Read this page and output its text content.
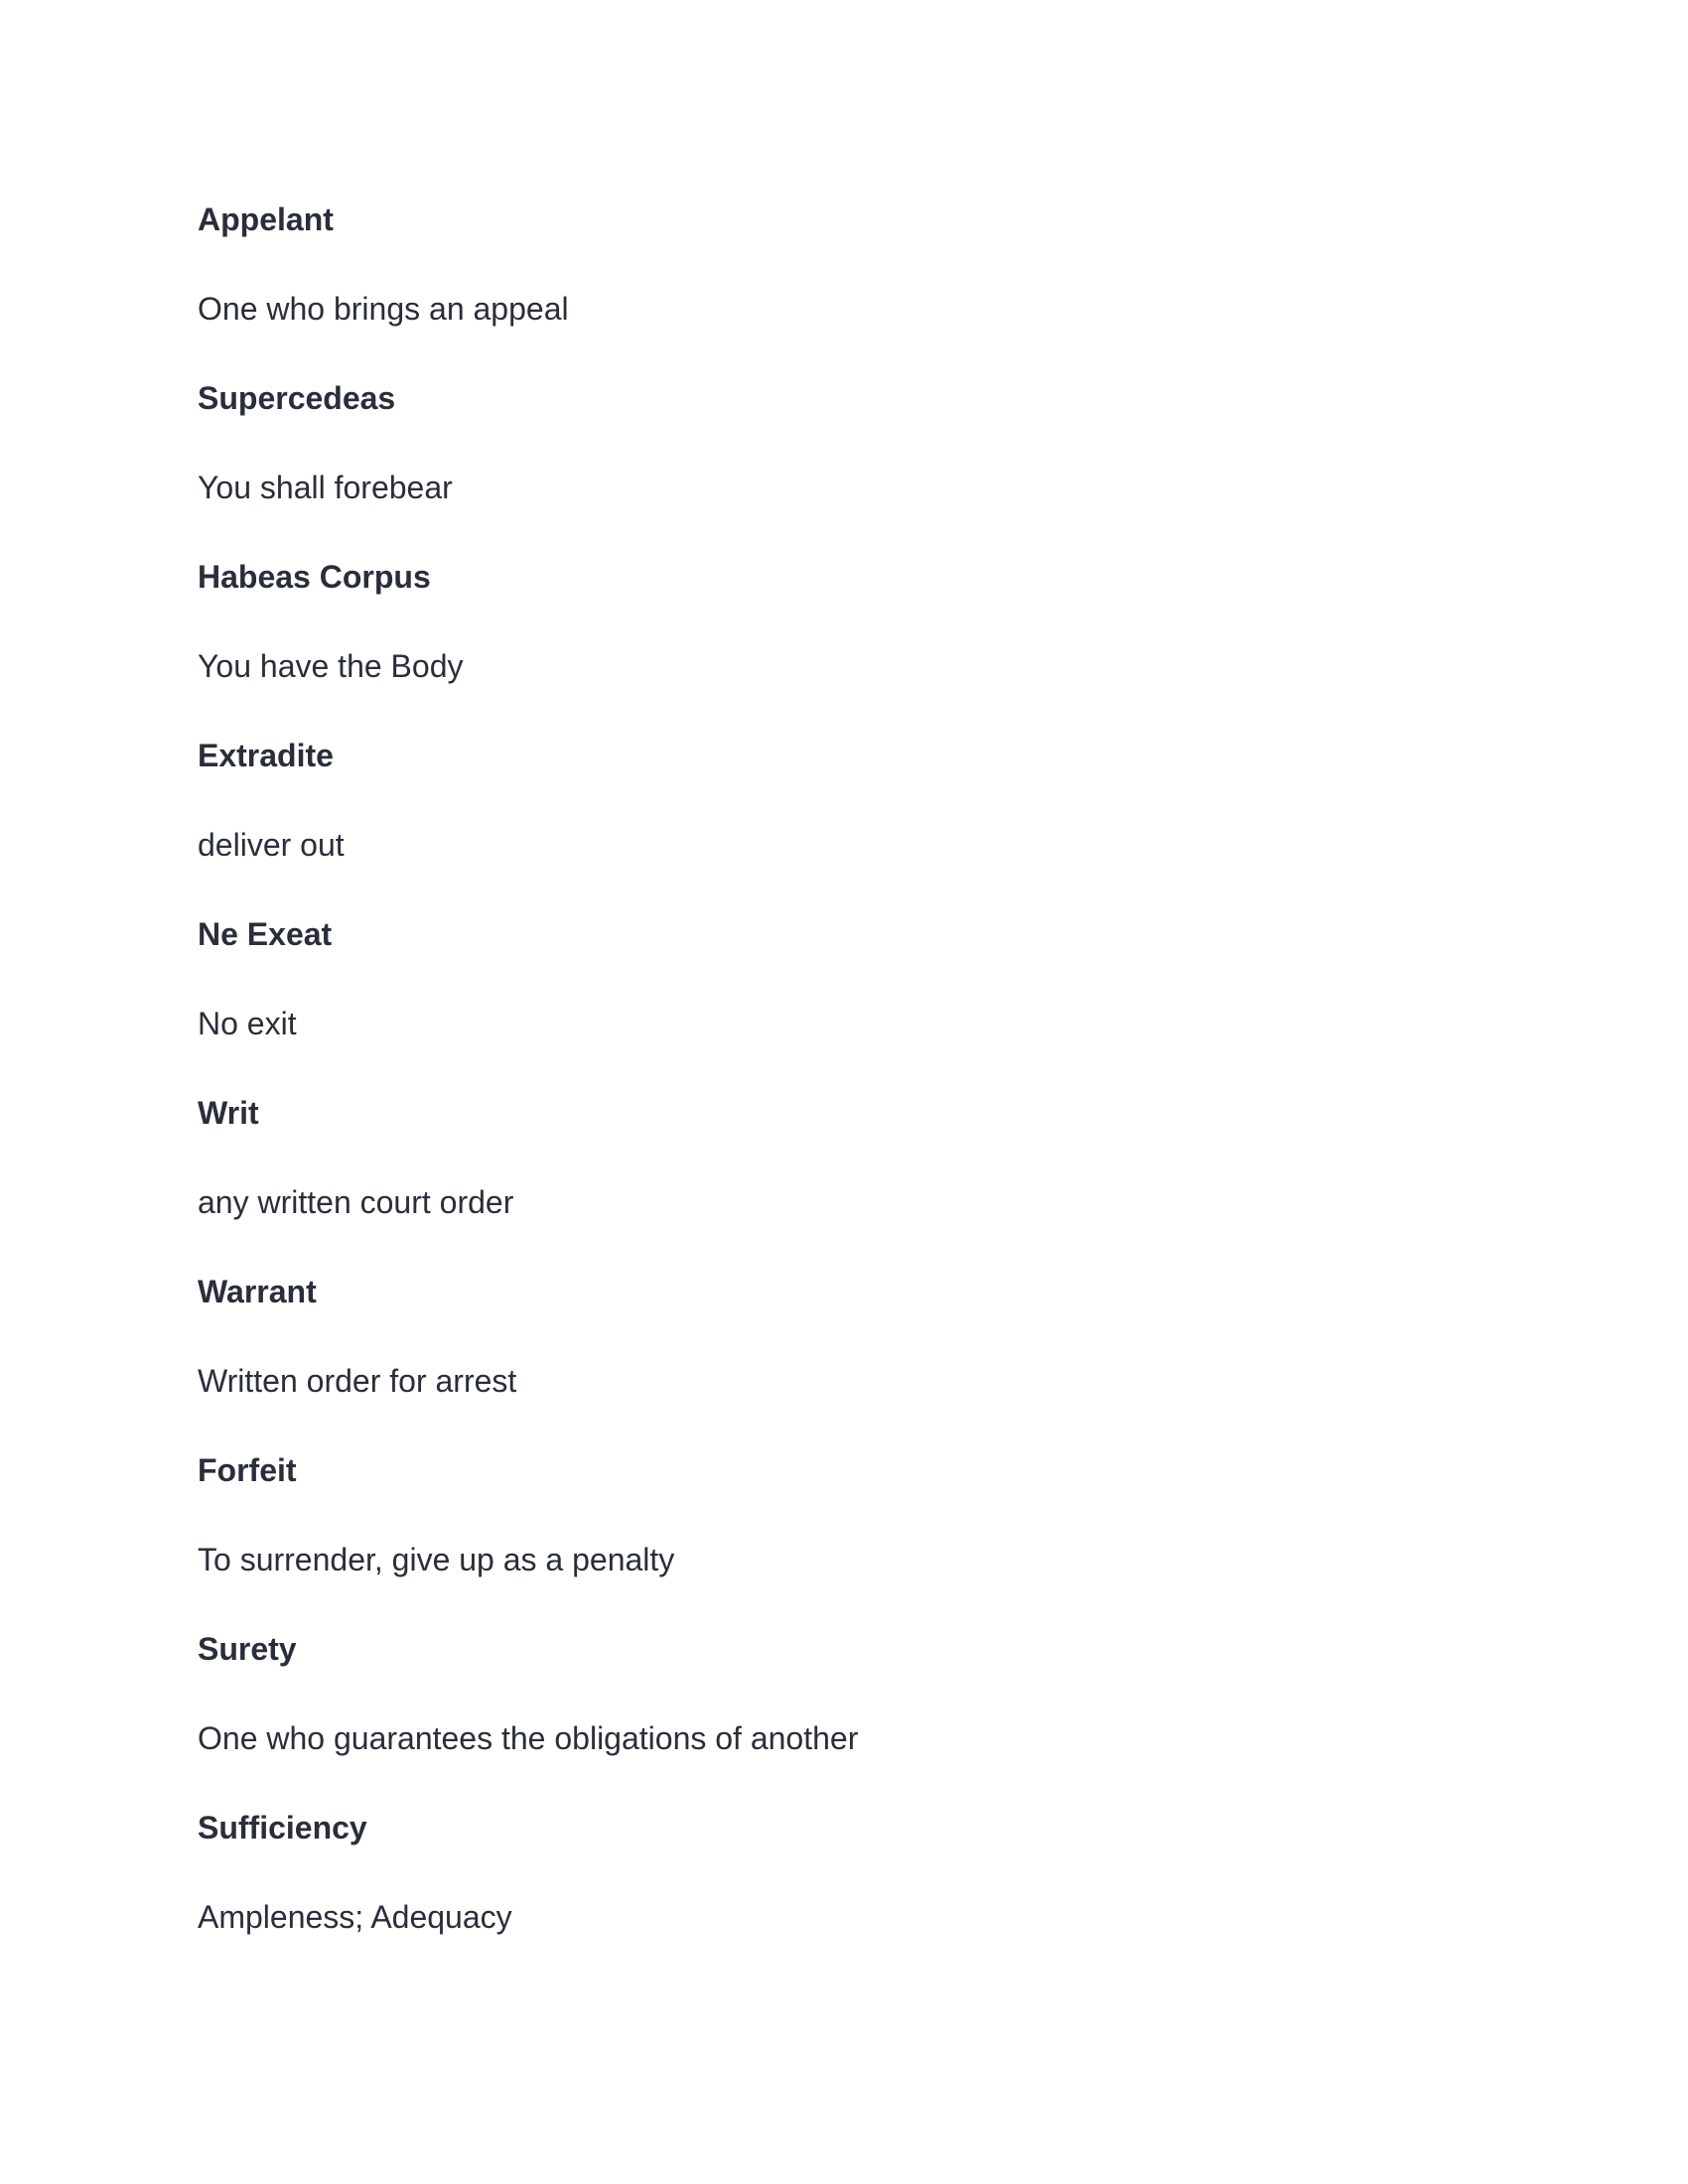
Appelant
One who brings an appeal
Supercedeas
You shall forebear
Habeas Corpus
You have the Body
Extradite
deliver out
Ne Exeat
No exit
Writ
any written court order
Warrant
Written order for arrest
Forfeit
To surrender, give up as a penalty
Surety
One who guarantees the obligations of another
Sufficiency
Ampleness; Adequacy
